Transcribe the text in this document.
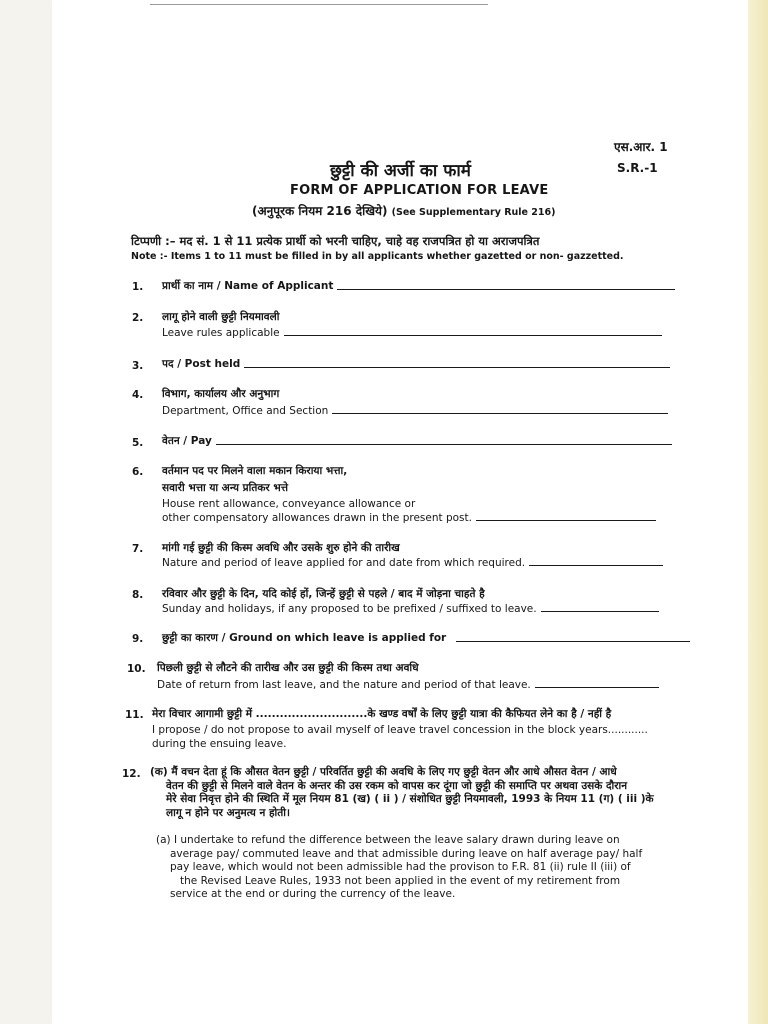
एस.आर. 1
S.R.-1
छुट्टी की अर्जी का फार्म
FORM OF APPLICATION FOR LEAVE
(अनुपूरक नियम 216 देखिये) (See Supplementary Rule 216)
टिप्पणी :– मद सं. 1 से 11 प्रत्येक प्रार्थी को भरनी चाहिए, चाहे वह राजपत्रित हो या अराजपत्रित
Note :- Items 1 to 11 must be filled in by all applicants whether gazetted or non- gazzetted.
1. प्रार्थी का नाम / Name of Applicant
2. लागू होने वाली छुट्टी नियमावली
Leave rules applicable
3. पद / Post held
4. विभाग, कार्यालय और अनुभाग
Department, Office and Section
5. वेतन / Pay
6. वर्तमान पद पर मिलने वाला मकान किराया भत्ता,
सवारी भत्ता या अन्य प्रतिकर भत्ते
House rent allowance, conveyance allowance or
other compensatory allowances drawn in the present post.
7. मांगी गई छुट्टी की किस्म अवधि और उसके शुरु होने की तारीख
Nature and period of leave applied for and date from which required.
8. रविवार और छुट्टी के दिन, यदि कोई हों, जिन्हें छुट्टी से पहले / बाद में जोड़ना चाहते है
Sunday and holidays, if any proposed to be prefixed / suffixed to leave.
9. छुट्टी का कारण / Ground on which leave is applied for
10. पिछली छुट्टी से लौटने की तारीख और उस छुट्टी की किस्म तथा अवधि
Date of return from last leave, and the nature and period of that leave.
11. मेरा विचार आगामी छुट्टी में ............................के खण्ड वर्षों के लिए छुट्टी यात्रा की कैफियत लेने का है / नहीं है
I propose / do not propose to avail myself of leave travel concession in the block years............
during the ensuing leave.
12. (क) मैं वचन देता हूं कि औसत वेतन छुट्टी / परिवर्तित छुट्टी की अवधि के लिए गए छुट्टी वेतन और आधे औसत वेतन / आधे
वेतन की छुट्टी से मिलने वाले वेतन के अन्तर की उस रकम को वापस कर दूंगा जो छुट्टी की समाप्ति पर अथवा उसके दौरान
मेरे सेवा निवृत्त होने की स्थिति में मूल नियम 81 (ख) ( ii ) / संशोधित छुट्टी नियमावली, 1993 के नियम 11 (ग) ( iii )के
लागू न होने पर अनुमत्य न होती।
(a) I undertake to refund the difference between the leave salary drawn during leave on
average pay/ commuted leave and that admissible during leave on half average pay/ half
pay leave, which would not been admissible had the provison to F.R. 81 (ii) rule II (iii) of
the Revised Leave Rules, 1933 not been applied in the event of my retirement from
service at the end or during the currency of the leave.
